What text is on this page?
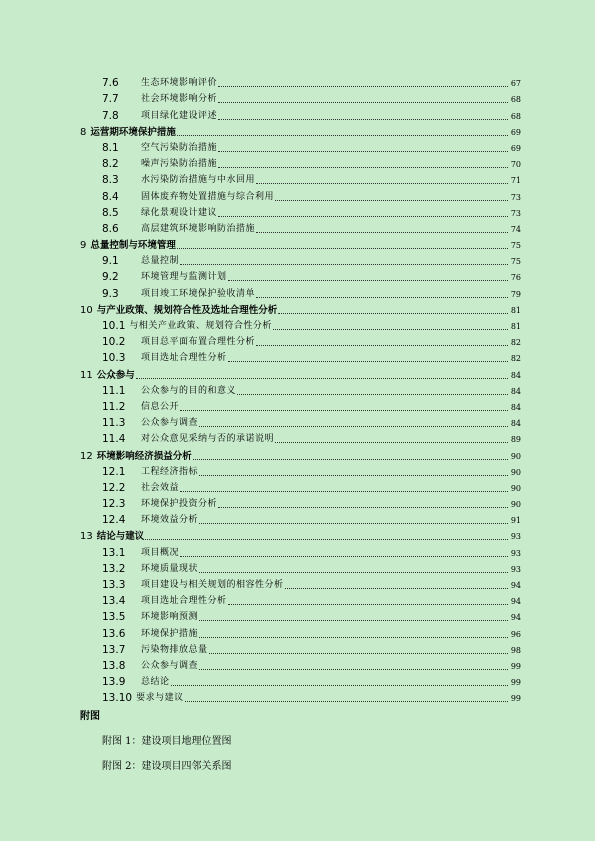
7.6	生态环境影响评价	67
7.7	社会环境影响分析	68
7.8	项目绿化建设评述	68
8 运营期环境保护措施	69
8.1	空气污染防治措施	69
8.2	噪声污染防治措施	70
8.3	水污染防治措施与中水回用	71
8.4	固体废弃物处置措施与综合利用	73
8.5	绿化景观设计建议	73
8.6	高层建筑环境影响防治措施	74
9 总量控制与环境管理	75
9.1	总量控制	75
9.2	环境管理与监测计划	76
9.3	项目竣工环境保护验收清单	79
10 与产业政策、规划符合性及选址合理性分析	81
10.1 与相关产业政策、规划符合性分析	81
10.2	项目总平面布置合理性分析	82
10.3	项目选址合理性分析	82
11 公众参与	84
11.1	公众参与的目的和意义	84
11.2	信息公开	84
11.3	公众参与调查	84
11.4	对公众意见采纳与否的承诺说明	89
12 环境影响经济损益分析	90
12.1	工程经济指标	90
12.2	社会效益	90
12.3	环境保护投资分析	90
12.4	环境效益分析	91
13 结论与建议	93
13.1	项目概况	93
13.2	环境质量现状	93
13.3	项目建设与相关规划的相容性分析	94
13.4	项目选址合理性分析	94
13.5	环境影响预测	94
13.6	环境保护措施	96
13.7	污染物排放总量	98
13.8	公众参与调查	99
13.9	总结论	99
13.10 要求与建议	99
附图
附图 1：建设项目地理位置图
附图 2：建设项目四邻关系图
